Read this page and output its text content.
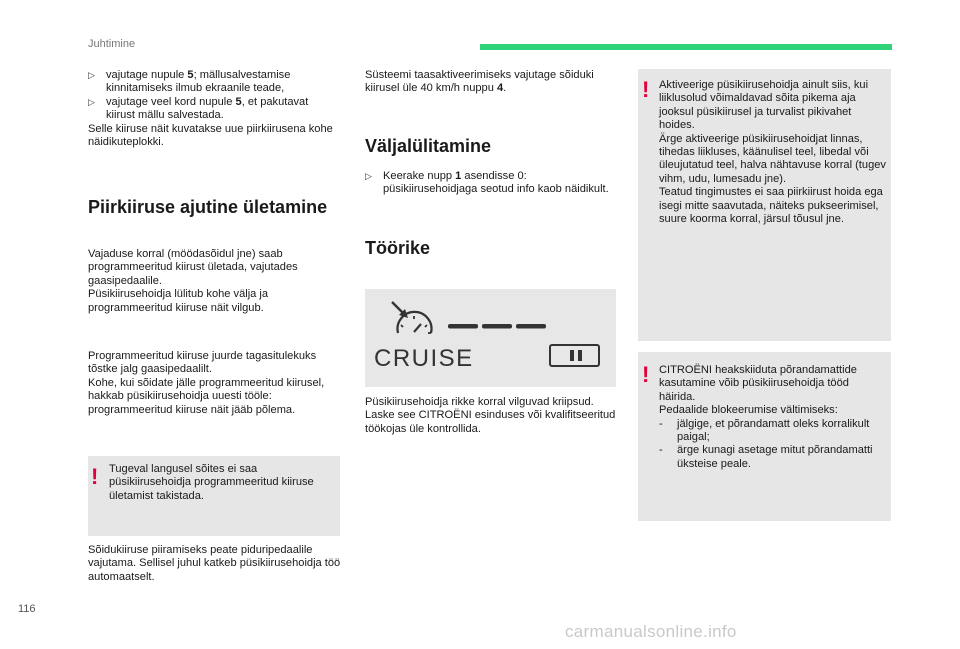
Juhtimine
▷ vajutage nupule 5; mällusalvestamise kinnitamiseks ilmub ekraanile teade,
▷ vajutage veel kord nupule 5, et pakutavat kiirust mällu salvestada.

Selle kiiruse näit kuvatakse uue piirkiirusena kohe näidikuteplokki.

Piirkiiruse ajutine ületamine

Vajaduse korral (möödasõidul jne) saab programmeeritud kiirust ületada, vajutades gaasipedaalile.

Püsikiirusehoidja lülitub kohe välja ja programmeeritud kiiruse näit vilgub.

Programmeeritud kiiruse juurde tagasitulekuks tõstke jalg gaasipedaalilt.

Kohe, kui sõidate jälle programmeeritud kiirusel, hakkab püsikiirusehoidja uuesti tööle: programmeeritud kiiruse näit jääb põlema.

! Tugeval langusel sõites ei saa püsikiirusehoidja programmeeritud kiiruse ületamist takistada.
Sõidukiiruse piiramiseks peate piduripedaalile vajutama. Sellisel juhul katkeb püsikiirusehoidja töö automaatselt.
Süsteemi taasaktiveerimiseks vajutage sõiduki kiirusel üle 40 km/h nuppu 4.
Väljalülitamine
▷ Keerake nupp 1 asendisse 0: püsikiirusehoidjaga seotud info kaob näidikult.
Töörike
CRUISE
Püsikiirusehoidja rikke korral vilguvad kriipsud. Laske see CITROËNI esinduses või kvalifitseeritud töökojas üle kontrollida.
! Aktiveerige püsikiirusehoidja ainult siis, kui liiklusolud võimaldavad sõita pikema aja jooksul püsikiirusel ja turvalist pikivahet hoides.

Ärge aktiveerige püsikiirusehoidjat linnas, tihedas liikluses, käänulisel teel, libedal või üleujutatud teel, halva nähtavuse korral (tugev vihm, udu, lumesadu jne).

Teatud tingimustes ei saa piirkiirust hoida ega isegi mitte saavutada, näiteks pukseerimisel, suure koorma korral, järsul tõusul jne.

! CITROËNI heakskiiduta põrandamattide kasutamine võib püsikiirusehoidja tööd häirida.

Pedaalide blokeerumise vältimiseks:

-	jälgige, et põrandamatt oleks korralikult paigal;
-	ärge kunagi asetage mitut põrandamatti üksteise peale.
116
carmanualsonline.info
